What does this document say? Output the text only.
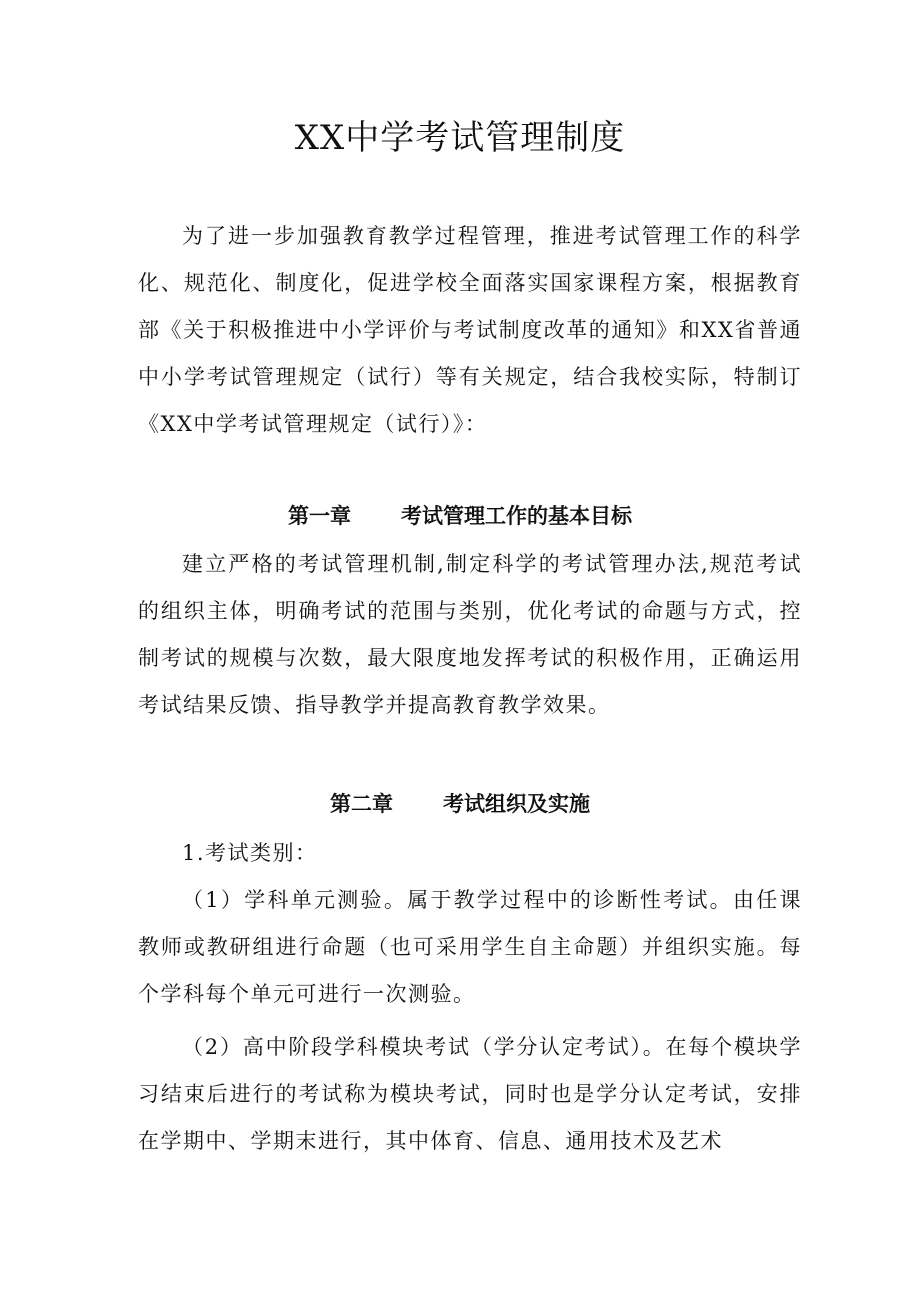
XX中学考试管理制度

为了进一步加强教育教学过程管理，推进考试管理工作的科学化、规范化、制度化，促进学校全面落实国家课程方案，根据教育部《关于积极推进中小学评价与考试制度改革的通知》和XX省普通中小学考试管理规定（试行）等有关规定，结合我校实际，特制订《XX中学考试管理规定（试行）》：

第一章 考试管理工作的基本目标

建立严格的考试管理机制,制定科学的考试管理办法,规范考试的组织主体，明确考试的范围与类别，优化考试的命题与方式，控制考试的规模与次数，最大限度地发挥考试的积极作用，正确运用考试结果反馈、指导教学并提高教育教学效果。

第二章 考试组织及实施

1.考试类别：

（1）学科单元测验。属于教学过程中的诊断性考试。由任课教师或教研组进行命题（也可采用学生自主命题）并组织实施。每个学科每个单元可进行一次测验。

（2）高中阶段学科模块考试（学分认定考试）。在每个模块学习结束后进行的考试称为模块考试，同时也是学分认定考试，安排在学期中、学期末进行，其中体育、信息、通用技术及艺术
